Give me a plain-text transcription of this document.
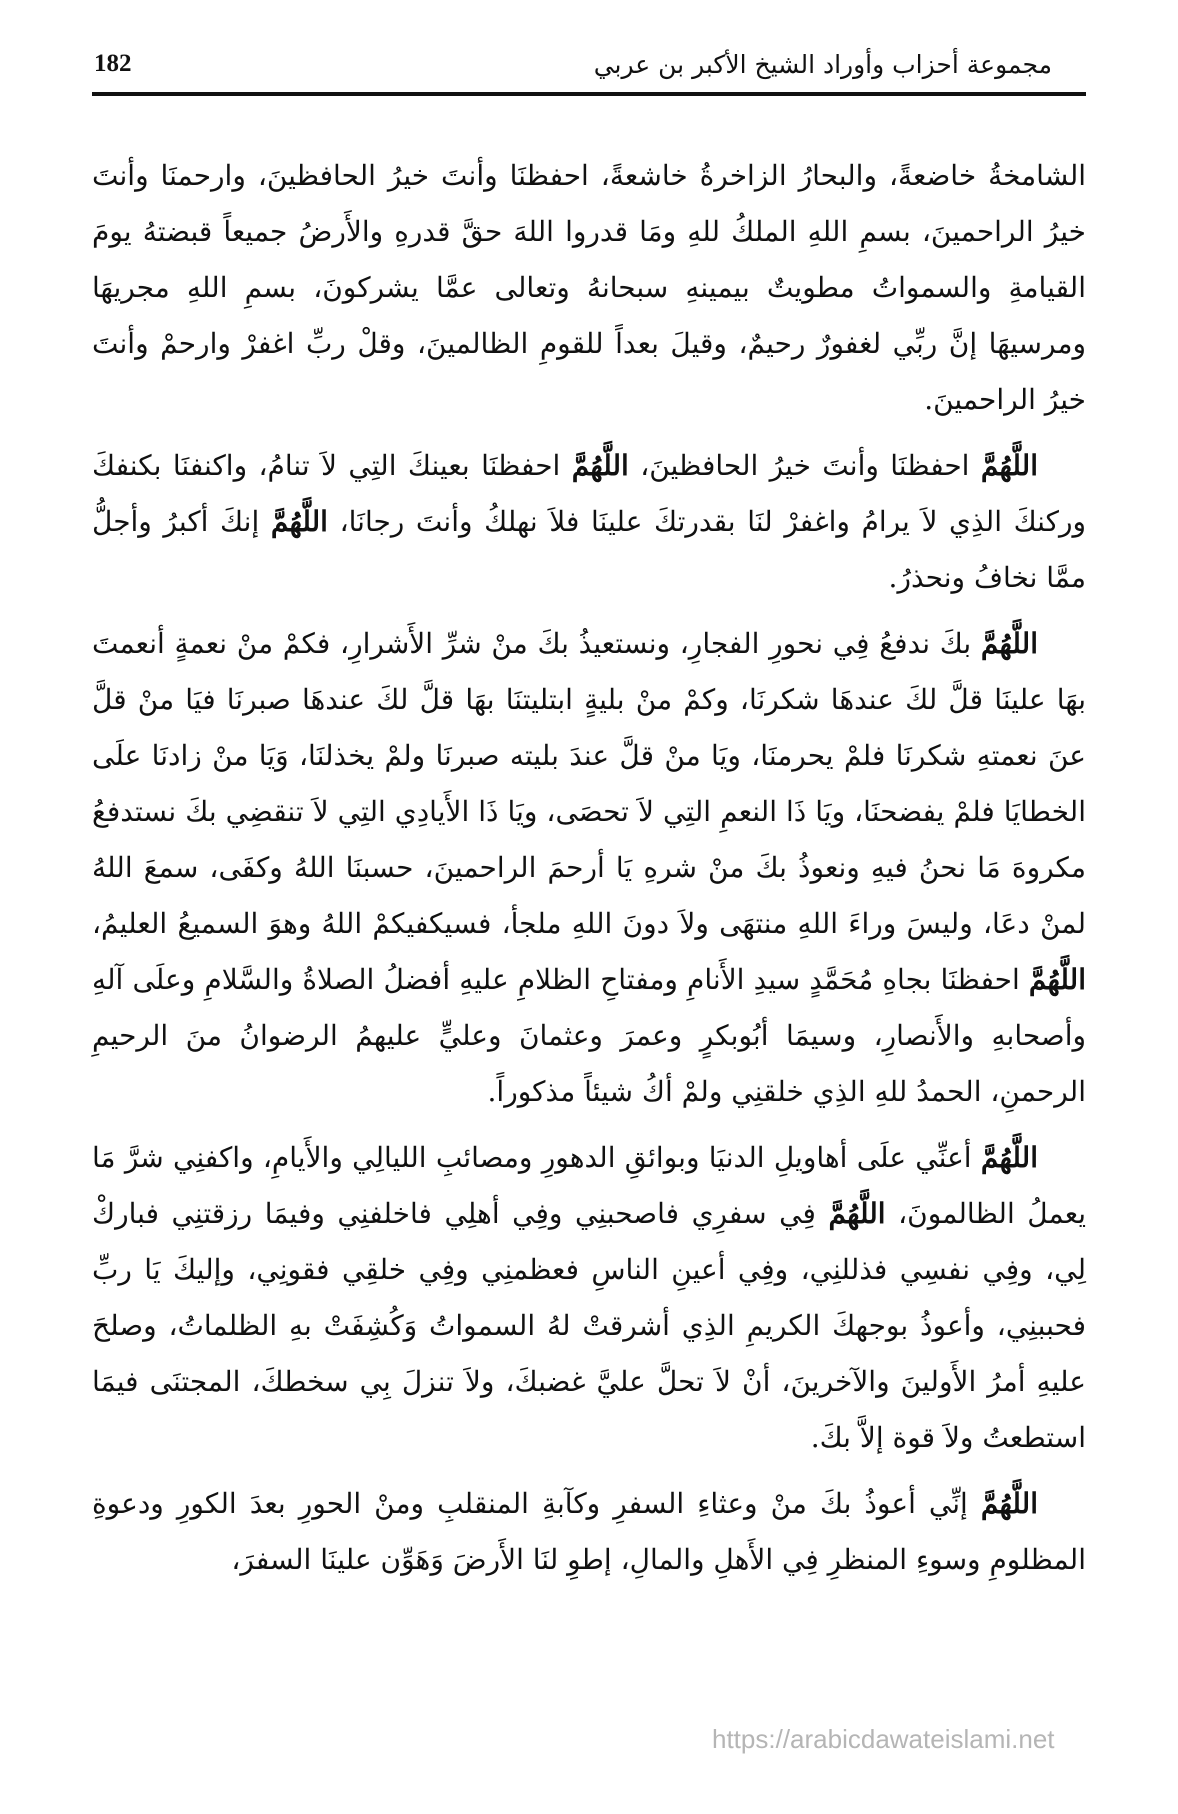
مجموعة أحزاب وأوراد الشيخ الأكبر بن عربي
182

الشامخةُ خاضعةً، والبحارُ الزاخرةُ خاشعةً، احفظنَا وأنتَ خيرُ الحافظينَ، وارحمنَا وأنتَ خيرُ الراحمينَ، بسمِ اللهِ الملكُ للهِ ومَا قدروا اللهَ حقَّ قدرهِ والأَرضُ جميعاً قبضتهُ يومَ القيامةِ والسمواتُ مطويتٌ بيمينهِ سبحانهُ وتعالى عمَّا يشركونَ، بسمِ اللهِ مجريهَا ومرسيهَا إنَّ ربِّي لغفورٌ رحيمٌ، وقيلَ بعداً للقومِ الظالمينَ، وقلْ ربِّ اغفرْ وارحمْ وأنتَ خيرُ الراحمينَ.

اللَّهُمَّ احفظنَا وأنتَ خيرُ الحافظينَ، اللَّهُمَّ احفظنَا بعينكَ التِي لاَ تنامُ، واكنفنَا بكنفكَ وركنكَ الذِي لاَ يرامُ واغفرْ لنَا بقدرتكَ علينَا فلاَ نهلكُ وأنتَ رجانَا، اللَّهُمَّ إنكَ أكبرُ وأجلُّ ممَّا نخافُ ونحذرُ.

اللَّهُمَّ بكَ ندفعُ فِي نحورِ الفجارِ، ونستعيذُ بكَ منْ شرِّ الأَشرارِ، فكمْ منْ نعمةٍ أنعمتَ بهَا علينَا قلَّ لكَ عندهَا شكرنَا، وكمْ منْ بليةٍ ابتليتنَا بهَا قلَّ لكَ عندهَا صبرنَا فيَا منْ قلَّ عنَ نعمتهِ شكرنَا فلمْ يحرمنَا، ويَا منْ قلَّ عندَ بليته صبرنَا ولمْ يخذلنَا، وَيَا منْ زادنَا علَى الخطايَا فلمْ يفضحنَا، ويَا ذَا النعمِ التِي لاَ تحصَى، ويَا ذَا الأَيادِي التِي لاَ تنقضِي بكَ نستدفعُ مكروهَ مَا نحنُ فيهِ ونعوذُ بكَ منْ شرهِ يَا أرحمَ الراحمينَ، حسبنَا اللهُ وكفَى، سمعَ اللهُ لمنْ دعَا، وليسَ وراءَ اللهِ منتهَى ولاَ دونَ اللهِ ملجأ، فسيكفيكمْ اللهُ وهوَ السميعُ العليمُ، اللَّهُمَّ احفظنَا بجاهِ مُحَمَّدٍ سيدِ الأَنامِ ومفتاحِ الظلامِ عليهِ أفضلُ الصلاةُ والسَّلامِ وعلَى آلهِ وأصحابهِ والأَنصارِ، وسيمَا أبُوبكرٍ وعمرَ وعثمانَ وعليٍّ عليهمُ الرضوانُ منَ الرحيمِ الرحمنِ، الحمدُ للهِ الذِي خلقنِي ولمْ أكُ شيئاً مذكوراً.

اللَّهُمَّ أعنِّي علَى أهاويلِ الدنيَا وبوائقِ الدهورِ ومصائبِ الليالِي والأَيامِ، واكفنِي شرَّ مَا يعملُ الظالمونَ، اللَّهُمَّ فِي سفرِي فاصحبنِي وفِي أهلِي فاخلفنِي وفيمَا رزقتنِي فباركْ لِي، وفِي نفسِي فذللنِي، وفِي أعينِ الناسِ فعظمنِي وفِي خلقِي فقونِي، وإليكَ يَا ربِّ فحببنِي، وأعوذُ بوجهكَ الكريمِ الذِي أشرقتْ لهُ السمواتُ وَكُشِفَتْ بهِ الظلماتُ، وصلحَ عليهِ أمرُ الأَولينَ والآخرينَ، أنْ لاَ تحلَّ عليَّ غضبكَ، ولاَ تنزلَ بِي سخطكَ، المجتنَى فيمَا استطعتُ ولاَ قوة إلاَّ بكَ.

اللَّهُمَّ إنِّي أعوذُ بكَ منْ وعثاءِ السفرِ وكآبةِ المنقلبِ ومنْ الحورِ بعدَ الكورِ ودعوةِ المظلومِ وسوءِ المنظرِ فِي الأَهلِ والمالِ، إطوِ لنَا الأَرضَ وَهَوِّن علينَا السفرَ،

https://arabicdawateislami.net
